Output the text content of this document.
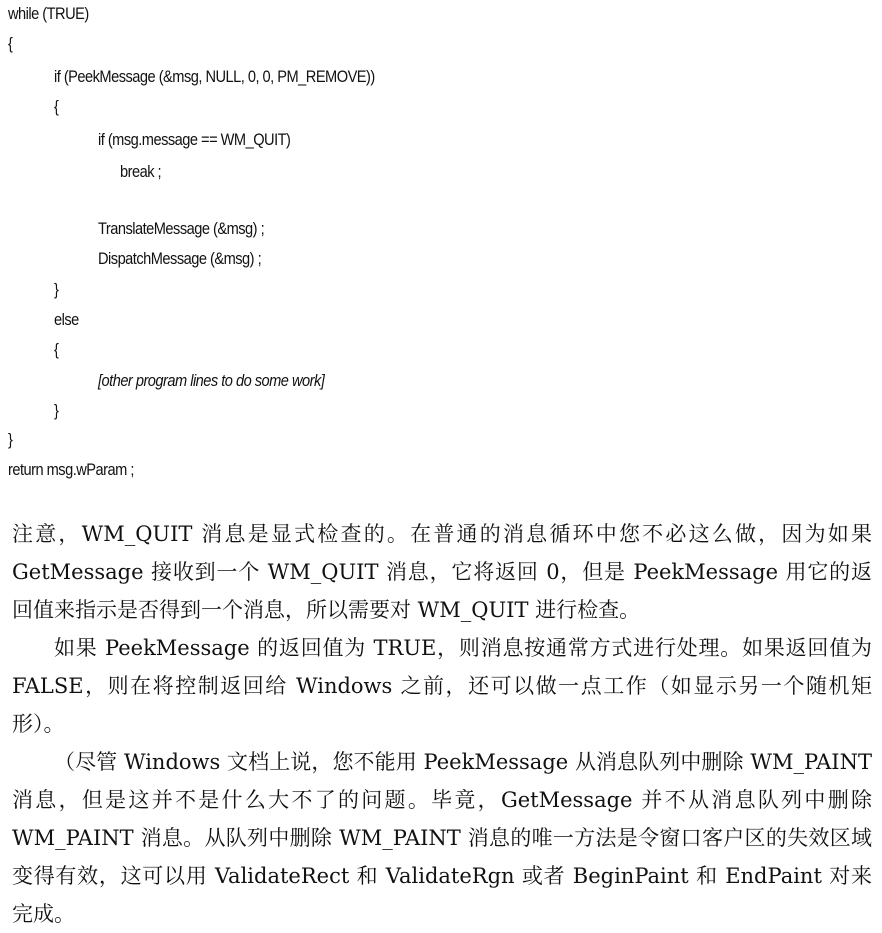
while (TRUE)
{
if (PeekMessage (&msg, NULL, 0, 0, PM_REMOVE))
{
if (msg.message == WM_QUIT)
break ;
TranslateMessage (&msg) ;
DispatchMessage (&msg) ;
}
else
{
[other program lines to do some work]
}
}
return msg.wParam ;

注意，WM_QUIT 消息是显式检查的。在普通的消息循环中您不必这么做，因为如果 GetMessage 接收到一个 WM_QUIT 消息，它将返回 0，但是 PeekMessage 用它的返回值来指示是否得到一个消息，所以需要对 WM_QUIT 进行检查。

如果 PeekMessage 的返回值为 TRUE，则消息按通常方式进行处理。如果返回值为 FALSE，则在将控制返回给 Windows 之前，还可以做一点工作（如显示另一个随机矩形）。

（尽管 Windows 文档上说，您不能用 PeekMessage 从消息队列中删除 WM_PAINT 消息，但是这并不是什么大不了的问题。毕竟，GetMessage 并不从消息队列中删除 WM_PAINT 消息。从队列中删除 WM_PAINT 消息的唯一方法是令窗口客户区的失效区域变得有效，这可以用 ValidateRect 和 ValidateRgn 或者 BeginPaint 和 EndPaint 对来完成。
